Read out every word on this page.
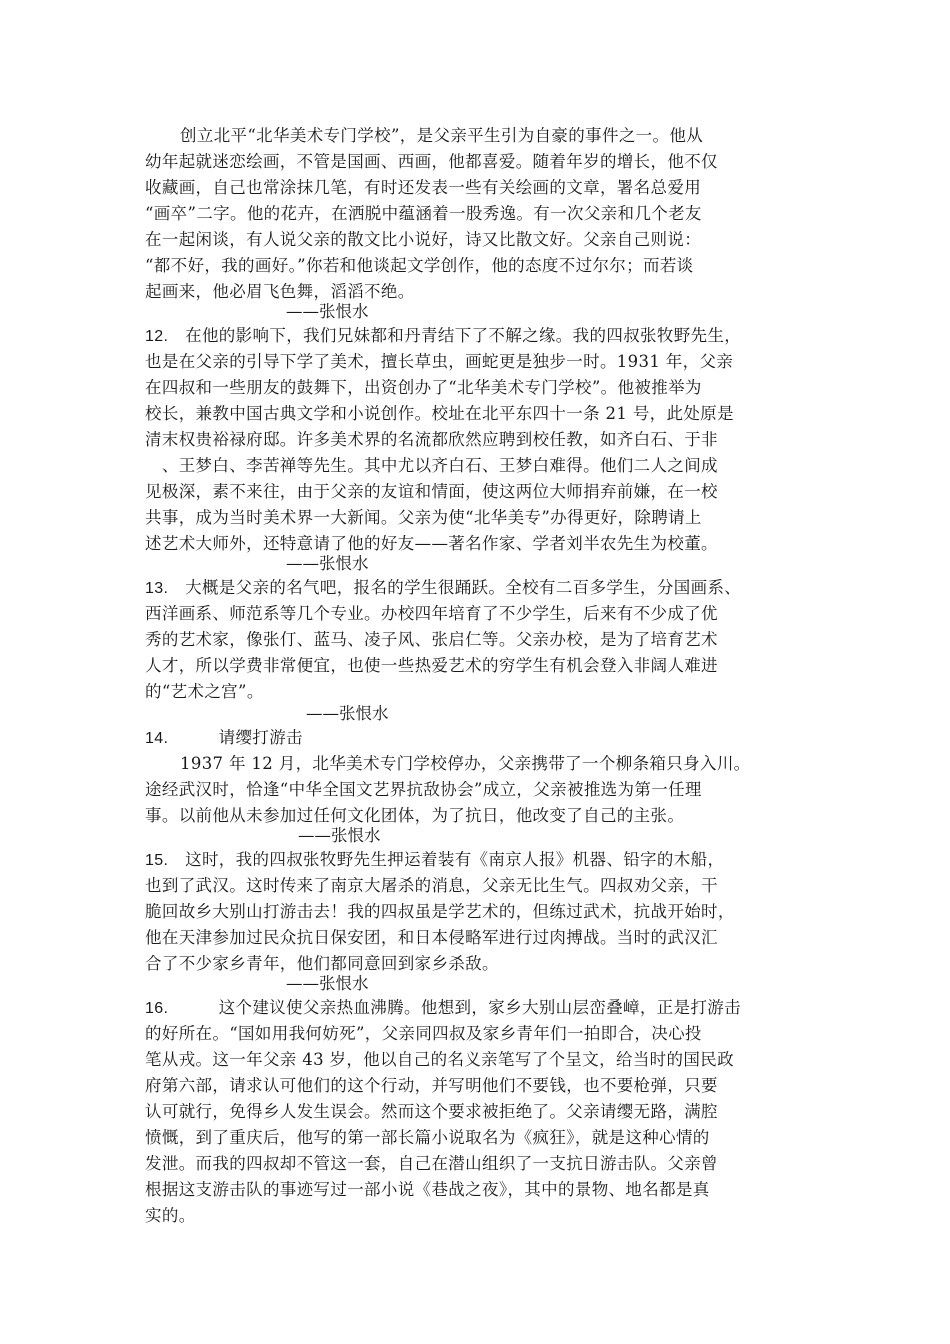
创立北平“北华美术专门学校”，是父亲平生引为自豪的事件之一。他从
幼年起就迷恋绘画，不管是国画、西画，他都喜爱。随着年岁的增长，他不仅
收藏画，自己也常涂抹几笔，有时还发表一些有关绘画的文章，署名总爱用
“画卒”二字。他的花卉，在洒脱中蕴涵着一股秀逸。有一次父亲和几个老友
在一起闲谈，有人说父亲的散文比小说好，诗又比散文好。父亲自己则说：
“都不好，我的画好。”你若和他谈起文学创作，他的态度不过尔尔；而若谈
起画来，他必眉飞色舞，滔滔不绝。
——张恨水
12. 在他的影响下，我们兄妹都和丹青结下了不解之缘。我的四叔张牧野先生，
也是在父亲的引导下学了美术，擅长草虫，画蛇更是独步一时。1931 年，父亲
在四叔和一些朋友的鼓舞下，出资创办了“北华美术专门学校”。他被推举为
校长，兼教中国古典文学和小说创作。校址在北平东四十一条 21 号，此处原是
清末权贵裕禄府邸。许多美术界的名流都欣然应聘到校任教，如齐白石、于非
　、王梦白、李苦禅等先生。其中尤以齐白石、王梦白难得。他们二人之间成
见极深，素不来往，由于父亲的友谊和情面，使这两位大师捐弃前嫌，在一校
共事，成为当时美术界一大新闻。父亲为使“北华美专”办得更好，除聘请上
述艺术大师外，还特意请了他的好友——著名作家、学者刘半农先生为校董。
——张恨水
13. 大概是父亲的名气吧，报名的学生很踊跃。全校有二百多学生，分国画系、
西洋画系、师范系等几个专业。办校四年培育了不少学生，后来有不少成了优
秀的艺术家，像张仃、蓝马、凌子风、张启仁等。父亲办校，是为了培育艺术
人才，所以学费非常便宜，也使一些热爱艺术的穷学生有机会登入非阔人难进
的“艺术之宫”。
——张恨水
14.	请缨打游击
1937 年 12 月，北华美术专门学校停办，父亲携带了一个柳条箱只身入川。
途经武汉时，恰逢“中华全国文艺界抗敌协会”成立，父亲被推选为第一任理
事。以前他从未参加过任何文化团体，为了抗日，他改变了自己的主张。
——张恨水
15. 这时，我的四叔张牧野先生押运着装有《南京人报》机器、铅字的木船，
也到了武汉。这时传来了南京大屠杀的消息，父亲无比生气。四叔劝父亲，干
脆回故乡大别山打游击去！我的四叔虽是学艺术的，但练过武术，抗战开始时，
他在天津参加过民众抗日保安团，和日本侵略军进行过肉搏战。当时的武汉汇
合了不少家乡青年，他们都同意回到家乡杀敌。
——张恨水
16.	这个建议使父亲热血沸腾。他想到，家乡大别山层峦叠嶂，正是打游击
的好所在。“国如用我何妨死”，父亲同四叔及家乡青年们一拍即合，决心投
笔从戎。这一年父亲 43 岁，他以自己的名义亲笔写了个呈文，给当时的国民政
府第六部，请求认可他们的这个行动，并写明他们不要钱，也不要枪弹，只要
认可就行，免得乡人发生误会。然而这个要求被拒绝了。父亲请缨无路，满腔
愤慨，到了重庆后，他写的第一部长篇小说取名为《疯狂》，就是这种心情的
发泄。而我的四叔却不管这一套，自己在潜山组织了一支抗日游击队。父亲曾
根据这支游击队的事迹写过一部小说《巷战之夜》，其中的景物、地名都是真
实的。
